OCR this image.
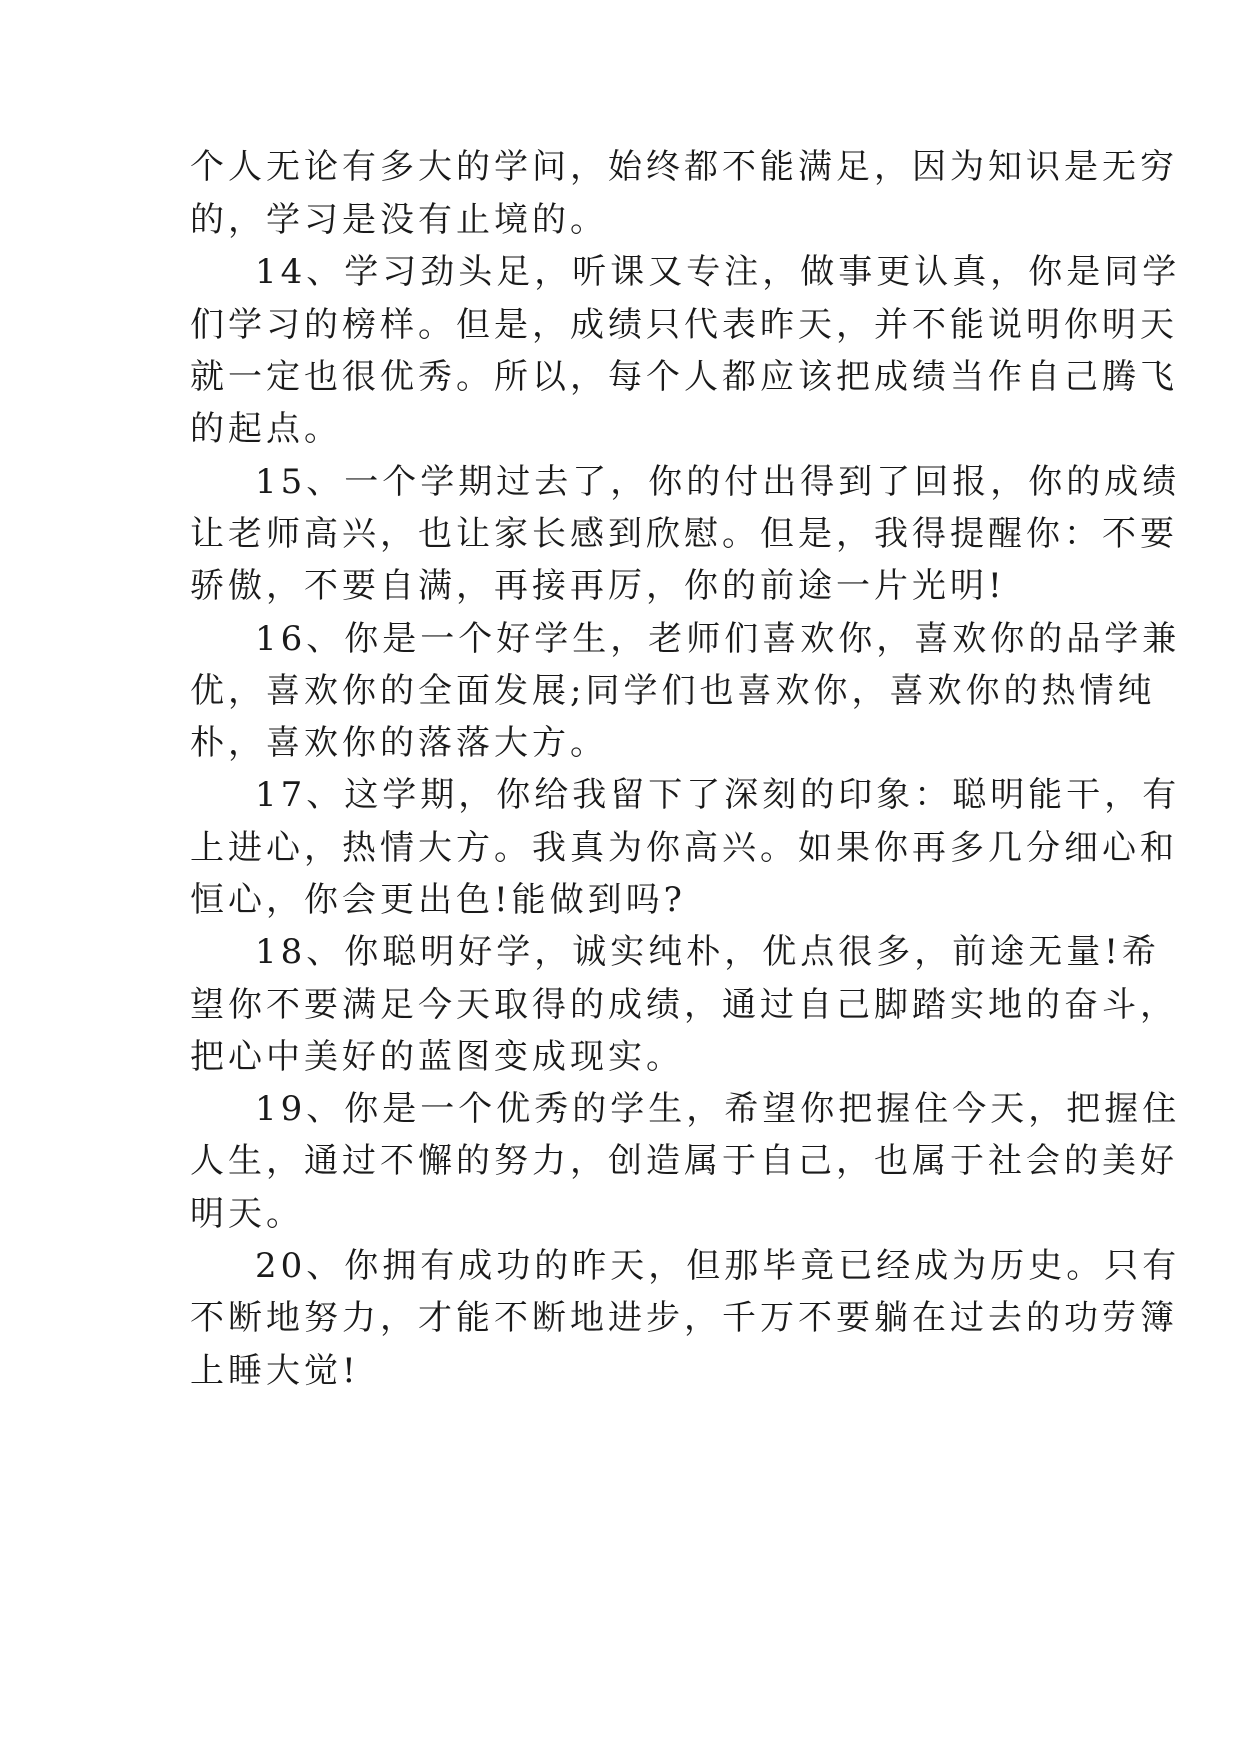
个人无论有多大的学问，始终都不能满足，因为知识是无穷
的，学习是没有止境的。
14、学习劲头足，听课又专注，做事更认真，你是同学
们学习的榜样。但是，成绩只代表昨天，并不能说明你明天
就一定也很优秀。所以，每个人都应该把成绩当作自己腾飞
的起点。
15、一个学期过去了，你的付出得到了回报，你的成绩
让老师高兴，也让家长感到欣慰。但是，我得提醒你：不要
骄傲，不要自满，再接再厉，你的前途一片光明!
16、你是一个好学生，老师们喜欢你，喜欢你的品学兼
优，喜欢你的全面发展;同学们也喜欢你，喜欢你的热情纯
朴，喜欢你的落落大方。
17、这学期，你给我留下了深刻的印象：聪明能干，有
上进心，热情大方。我真为你高兴。如果你再多几分细心和
恒心，你会更出色!能做到吗?
18、你聪明好学，诚实纯朴，优点很多，前途无量!希
望你不要满足今天取得的成绩，通过自己脚踏实地的奋斗，
把心中美好的蓝图变成现实。
19、你是一个优秀的学生，希望你把握住今天，把握住
人生，通过不懈的努力，创造属于自己，也属于社会的美好
明天。
20、你拥有成功的昨天，但那毕竟已经成为历史。只有
不断地努力，才能不断地进步，千万不要躺在过去的功劳簿
上睡大觉!
